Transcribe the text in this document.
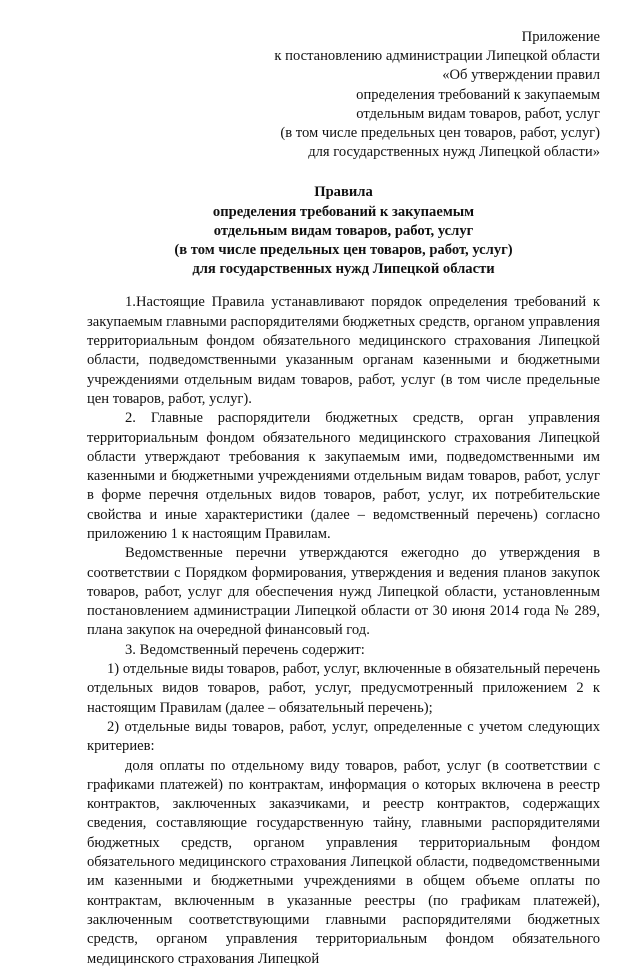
Приложение
к постановлению администрации Липецкой области
«Об утверждении правил
определения требований к закупаемым
отдельным видам товаров, работ, услуг
(в том числе предельных цен товаров, работ, услуг)
для государственных нужд Липецкой области»
Правила
определения требований к закупаемым
отдельным видам товаров, работ, услуг
(в том числе предельных цен товаров, работ, услуг)
для государственных нужд Липецкой области

1.Настоящие Правила устанавливают порядок определения требований к закупаемым главными распорядителями бюджетных средств, органом управления территориальным фондом обязательного медицинского страхования Липецкой области, подведомственными указанным органам казенными и бюджетными учреждениями отдельным видам товаров, работ, услуг (в том числе предельные цен товаров, работ, услуг).

2. Главные распорядители бюджетных средств, орган управления территориальным фондом обязательного медицинского страхования Липецкой области утверждают требования к закупаемым ими, подведомственными им казенными и бюджетными учреждениями отдельным видам товаров, работ, услуг в форме перечня отдельных видов товаров, работ, услуг, их потребительские свойства и иные характеристики (далее – ведомственный перечень) согласно приложению 1 к настоящим Правилам.

Ведомственные перечни утверждаются ежегодно до утверждения в соответствии с Порядком формирования, утверждения и ведения планов закупок товаров, работ, услуг для обеспечения нужд Липецкой области, установленным постановлением администрации Липецкой области от 30 июня 2014 года № 289, плана закупок на очередной финансовый год.

3. Ведомственный перечень содержит:

1) отдельные виды товаров, работ, услуг, включенные в обязательный перечень отдельных видов товаров, работ, услуг, предусмотренный приложением 2 к настоящим Правилам (далее – обязательный перечень);

2) отдельные виды товаров, работ, услуг, определенные с учетом следующих критериев:

доля оплаты по отдельному виду товаров, работ, услуг (в соответствии с графиками платежей) по контрактам, информация о которых включена в реестр контрактов, заключенных заказчиками, и реестр контрактов, содержащих сведения, составляющие государственную тайну, главными распорядителями бюджетных средств, органом управления территориальным фондом обязательного медицинского страхования Липецкой области, подведомственными им казенными и бюджетными учреждениями в общем объеме оплаты по контрактам, включенным в указанные реестры (по графикам платежей), заключенным соответствующими главными распорядителями бюджетных средств, органом управления территориальным фондом обязательного медицинского страхования Липецкой
